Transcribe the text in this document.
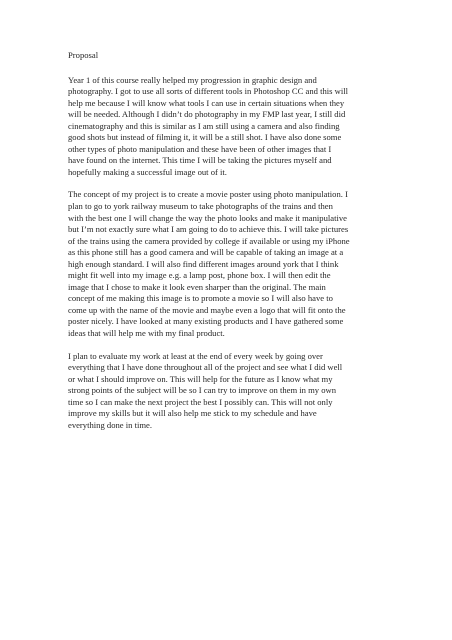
Proposal
Year 1 of this course really helped my progression in graphic design and
photography. I got to use all sorts of different tools in Photoshop CC and this will
help me because I will know what tools I can use in certain situations when they
will be needed. Although I didn’t do photography in my FMP last year, I still did
cinematography and this is similar as I am still using a camera and also finding
good shots but instead of filming it, it will be a still shot. I have also done some
other types of photo manipulation and these have been of other images that I
have found on the internet. This time I will be taking the pictures myself and
hopefully making a successful image out of it.
The concept of my project is to create a movie poster using photo manipulation. I
plan to go to york railway museum to take photographs of the trains and then
with the best one I will change the way the photo looks and make it manipulative
but I’m not exactly sure what I am going to do to achieve this. I will take pictures
of the trains using the camera provided by college if available or using my iPhone
as this phone still has a good camera and will be capable of taking an image at a
high enough standard. I will also find different images around york that I think
might fit well into my image e.g. a lamp post, phone box. I will then edit the
image that I chose to make it look even sharper than the original. The main
concept of me making this image is to promote a movie so I will also have to
come up with the name of the movie and maybe even a logo that will fit onto the
poster nicely. I have looked at many existing products and I have gathered some
ideas that will help me with my final product.
I plan to evaluate my work at least at the end of every week by going over
everything that I have done throughout all of the project and see what I did well
or what I should improve on. This will help for the future as I know what my
strong points of the subject will be so I can try to improve on them in my own
time so I can make the next project the best I possibly can. This will not only
improve my skills but it will also help me stick to my schedule and have
everything done in time.
